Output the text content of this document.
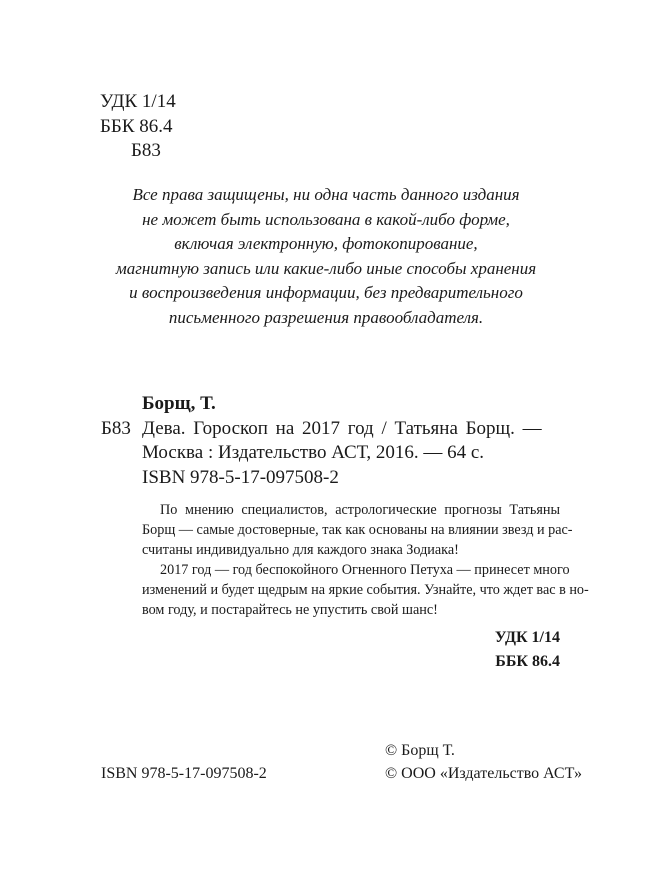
УДК 1/14
ББК 86.4
Б83
Все права защищены, ни одна часть данного издания
не может быть использована в какой-либо форме,
включая электронную, фотокопирование,
магнитную запись или какие-либо иные способы хранения
и воспроизведения информации, без предварительного
письменного разрешения правообладателя.
Борщ, Т.
Б83 Дева. Гороскоп на 2017 год / Татьяна Борщ. —
Москва : Издательство АСТ, 2016. — 64 с.
ISBN 978-5-17-097508-2
По мнению специалистов, астрологические прогнозы Татьяны
Борщ — самые достоверные, так как основаны на влиянии звезд и рас-
считаны индивидуально для каждого знака Зодиака!
2017 год — год беспокойного Огненного Петуха — принесет много
изменений и будет щедрым на яркие события. Узнайте, что ждет вас в но-
вом году, и постарайтесь не упустить свой шанс!
УДК 1/14
ББК 86.4
ISBN 978-5-17-097508-2
© Борщ Т.
© ООО «Издательство АСТ»
